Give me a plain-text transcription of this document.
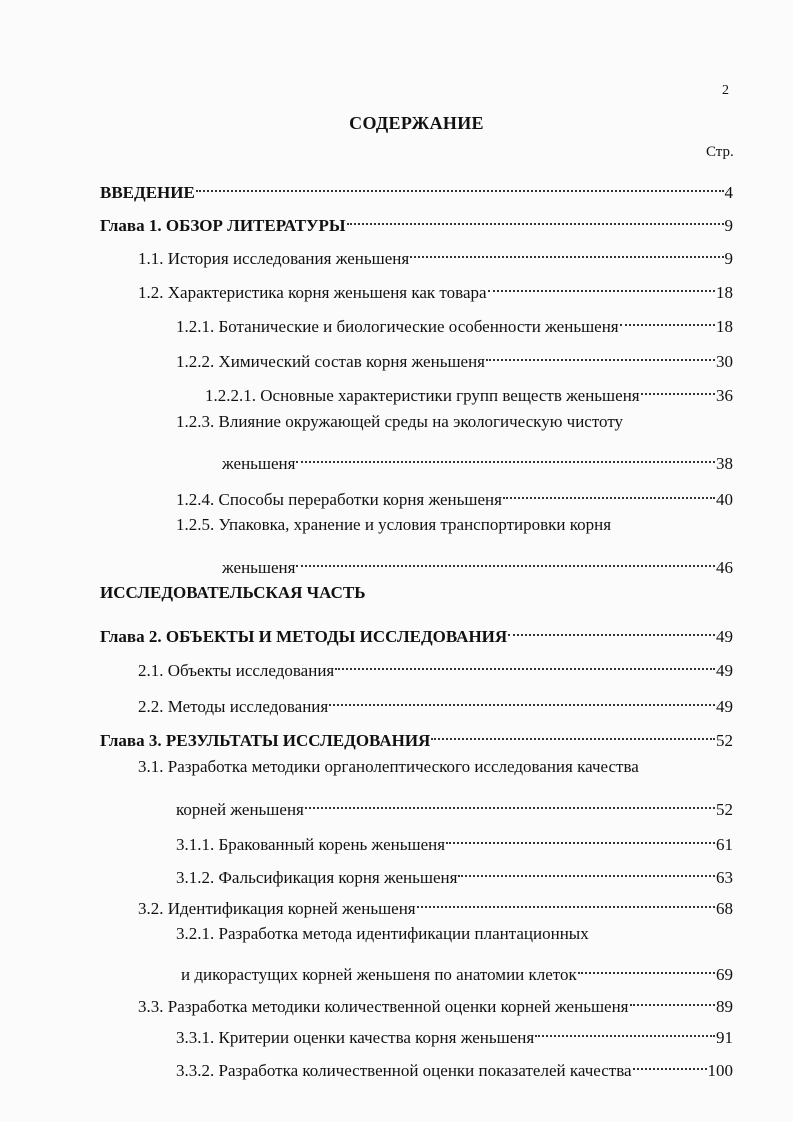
2
СОДЕРЖАНИЕ
Стр.
ВВЕДЕНИЕ	4
Глава 1. ОБЗОР ЛИТЕРАТУРЫ	9
1.1. История исследования женьшеня	9
1.2. Характеристика корня женьшеня как товара	18
1.2.1. Ботанические и биологические особенности женьшеня	18
1.2.2. Химический состав корня женьшеня	30
1.2.2.1. Основные характеристики групп веществ женьшеня	36
1.2.3. Влияние окружающей среды на экологическую чистоту
женьшеня	38
1.2.4. Способы переработки корня женьшеня	40
1.2.5. Упаковка, хранение и условия транспортировки корня
женьшеня	46
ИССЛЕДОВАТЕЛЬСКАЯ ЧАСТЬ
Глава 2. ОБЪЕКТЫ И МЕТОДЫ ИССЛЕДОВАНИЯ	49
2.1. Объекты исследования	49
2.2. Методы исследования	49
Глава 3. РЕЗУЛЬТАТЫ ИССЛЕДОВАНИЯ	52
3.1. Разработка методики органолептического исследования качества
корней женьшеня	52
3.1.1. Бракованный корень женьшеня	61
3.1.2. Фальсификация корня женьшеня	63
3.2. Идентификация корней женьшеня	68
3.2.1. Разработка метода идентификации плантационных
и дикорастущих корней женьшеня по анатомии клеток	69
3.3. Разработка методики количественной оценки корней женьшеня	89
3.3.1. Критерии оценки качества корня женьшеня	91
3.3.2. Разработка количественной оценки показателей качества	100
